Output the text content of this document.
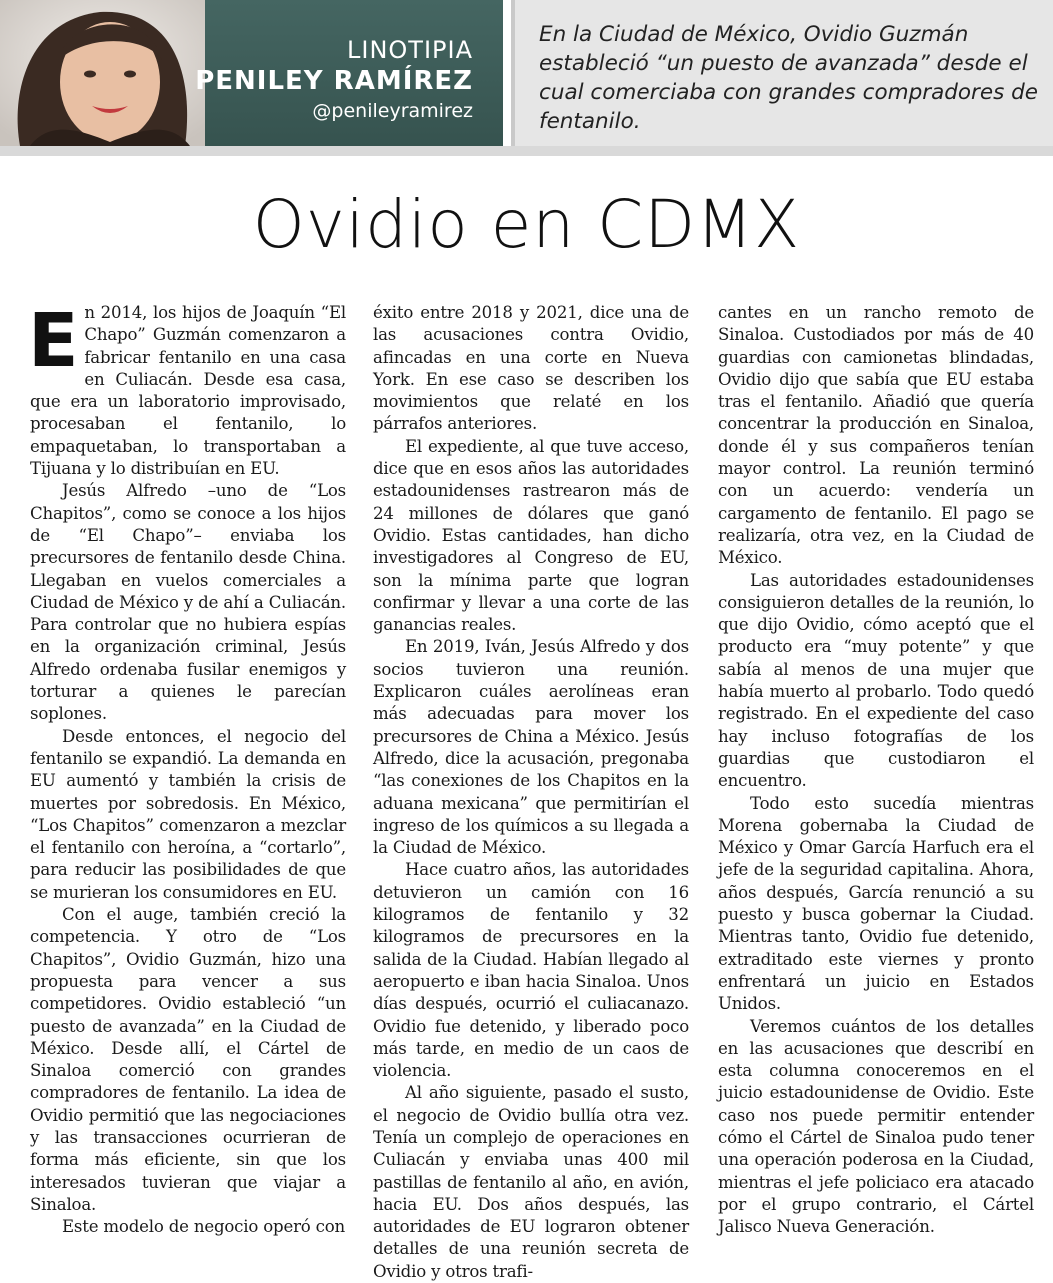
LINOTIPIA
PENILEY RAMÍREZ
@penileyramirez
En la Ciudad de México, Ovidio Guzmán estableció “un puesto de avanzada” desde el cual comerciaba con grandes compradores de fentanilo.
Ovidio en CDMX

En 2014, los hijos de Joaquín “El Chapo” Guzmán comenzaron a fabricar fentanilo en una casa en Culiacán. Desde esa casa, que era un laboratorio improvisado, procesaban el fentanilo, lo empaquetaban, lo transportaban a Tijuana y lo distribuían en EU.

Jesús Alfredo –uno de “Los Chapitos”, como se conoce a los hijos de “El Chapo”– enviaba los precursores de fentanilo desde China. Llegaban en vuelos comerciales a Ciudad de México y de ahí a Culiacán. Para controlar que no hubiera espías en la organización criminal, Jesús Alfredo ordenaba fusilar enemigos y torturar a quienes le parecían soplones.

Desde entonces, el negocio del fentanilo se expandió. La demanda en EU aumentó y también la crisis de muertes por sobredosis. En México, “Los Chapitos” comenzaron a mezclar el fentanilo con heroína, a “cortarlo”, para reducir las posibilidades de que se murieran los consumidores en EU.

Con el auge, también creció la competencia. Y otro de “Los Chapitos”, Ovidio Guzmán, hizo una propuesta para vencer a sus competidores. Ovidio estableció “un puesto de avanzada” en la Ciudad de México. Desde allí, el Cártel de Sinaloa comerció con grandes compradores de fentanilo. La idea de Ovidio permitió que las negociaciones y las transacciones ocurrieran de forma más eficiente, sin que los interesados tuvieran que viajar a Sinaloa.

Este modelo de negocio operó con

éxito entre 2018 y 2021, dice una de las acusaciones contra Ovidio, afincadas en una corte en Nueva York. En ese caso se describen los movimientos que relaté en los párrafos anteriores.

El expediente, al que tuve acceso, dice que en esos años las autoridades estadounidenses rastrearon más de 24 millones de dólares que ganó Ovidio. Estas cantidades, han dicho investigadores al Congreso de EU, son la mínima parte que logran confirmar y llevar a una corte de las ganancias reales.

En 2019, Iván, Jesús Alfredo y dos socios tuvieron una reunión. Explicaron cuáles aerolíneas eran más adecuadas para mover los precursores de China a México. Jesús Alfredo, dice la acusación, pregonaba “las conexiones de los Chapitos en la aduana mexicana” que permitirían el ingreso de los químicos a su llegada a la Ciudad de México.

Hace cuatro años, las autoridades detuvieron un camión con 16 kilogramos de fentanilo y 32 kilogramos de precursores en la salida de la Ciudad. Habían llegado al aeropuerto e iban hacia Sinaloa. Unos días después, ocurrió el culiacanazo. Ovidio fue detenido, y liberado poco más tarde, en medio de un caos de violencia.

Al año siguiente, pasado el susto, el negocio de Ovidio bullía otra vez. Tenía un complejo de operaciones en Culiacán y enviaba unas 400 mil pastillas de fentanilo al año, en avión, hacia EU. Dos años después, las autoridades de EU lograron obtener detalles de una reunión secreta de Ovidio y otros trafi-

cantes en un rancho remoto de Sinaloa. Custodiados por más de 40 guardias con camionetas blindadas, Ovidio dijo que sabía que EU estaba tras el fentanilo. Añadió que quería concentrar la producción en Sinaloa, donde él y sus compañeros tenían mayor control. La reunión terminó con un acuerdo: vendería un cargamento de fentanilo. El pago se realizaría, otra vez, en la Ciudad de México.

Las autoridades estadounidenses consiguieron detalles de la reunión, lo que dijo Ovidio, cómo aceptó que el producto era “muy potente” y que sabía al menos de una mujer que había muerto al probarlo. Todo quedó registrado. En el expediente del caso hay incluso fotografías de los guardias que custodiaron el encuentro.

Todo esto sucedía mientras Morena gobernaba la Ciudad de México y Omar García Harfuch era el jefe de la seguridad capitalina. Ahora, años después, García renunció a su puesto y busca gobernar la Ciudad. Mientras tanto, Ovidio fue detenido, extraditado este viernes y pronto enfrentará un juicio en Estados Unidos.

Veremos cuántos de los detalles en las acusaciones que describí en esta columna conoceremos en el juicio estadounidense de Ovidio. Este caso nos puede permitir entender cómo el Cártel de Sinaloa pudo tener una operación poderosa en la Ciudad, mientras el jefe policiaco era atacado por el grupo contrario, el Cártel Jalisco Nueva Generación.
